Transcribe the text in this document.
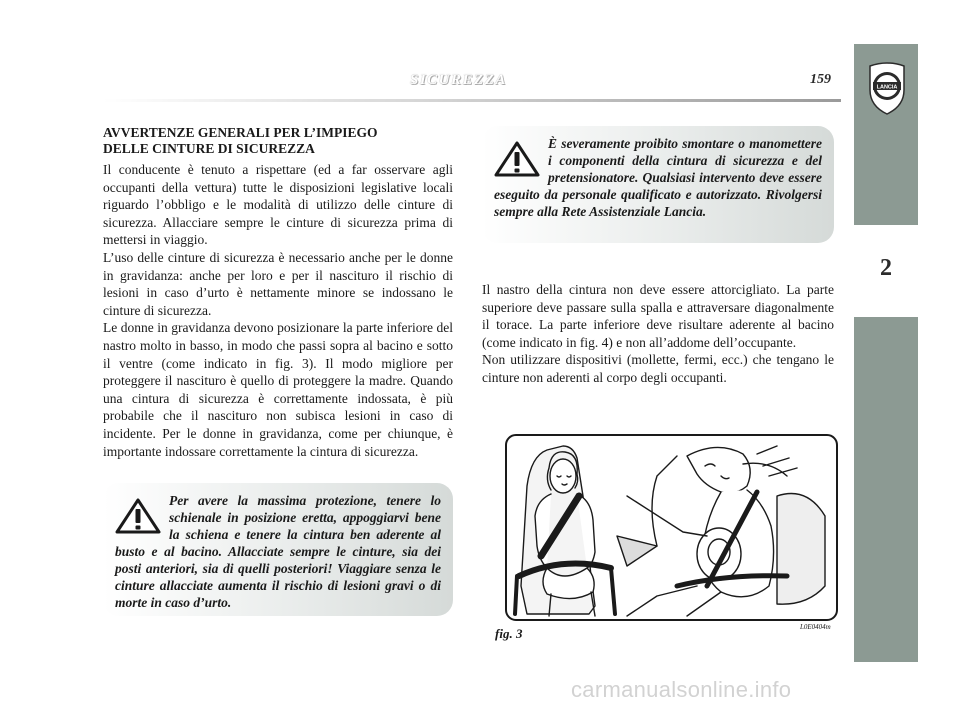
SICUREZZA	159
LANCIA
2
AVVERTENZE GENERALI PER L’IMPIEGO
DELLE CINTURE DI SICUREZZA

Il conducente è tenuto a rispettare (ed a far osservare agli occupanti della vettura) tutte le disposizioni legislative locali riguardo l’obbligo e le modalità di utilizzo delle cinture di sicurezza. Allacciare sempre le cinture di sicurezza prima di mettersi in viaggio.
L’uso delle cinture di sicurezza è necessario anche per le donne in gravidanza: anche per loro e per il nascituro il rischio di lesioni in caso d’urto è nettamente minore se indossano le cinture di sicurezza.
Le donne in gravidanza devono posizionare la parte inferiore del nastro molto in basso, in modo che passi sopra al bacino e sotto il ventre (come indicato in fig. 3). Il modo migliore per proteggere il nascituro è quello di proteggere la madre. Quando una cintura di sicurezza è correttamente indossata, è più probabile che il nascituro non subisca lesioni in caso di incidente. Per le donne in gravidanza, come per chiunque, è importante indossare correttamente la cintura di sicurezza.

Per avere la massima protezione, tenere lo schienale in posizione eretta, appoggiarvi bene la schiena e tenere la cintura ben aderente al busto e al bacino. Allacciate sempre le cinture, sia dei posti anteriori, sia di quelli posteriori! Viaggiare senza le cinture allacciate aumenta il rischio di lesioni gravi o di morte in caso d’urto.
È severamente proibito smontare o manomettere i componenti della cintura di sicurezza e del pretensionatore. Qualsiasi intervento deve essere eseguito da personale qualificato e autorizzato. Rivolgersi sempre alla Rete Assistenziale Lancia.

Il nastro della cintura non deve essere attorcigliato. La parte superiore deve passare sulla spalla e attraversare diagonalmente il torace. La parte inferiore deve risultare aderente al bacino (come indicato in fig. 4) e non all’addome dell’occupante.
Non utilizzare dispositivi (mollette, fermi, ecc.) che tengano le cinture non aderenti al corpo degli occupanti.

fig. 3	L0E0404m
carmanualsonline.info
